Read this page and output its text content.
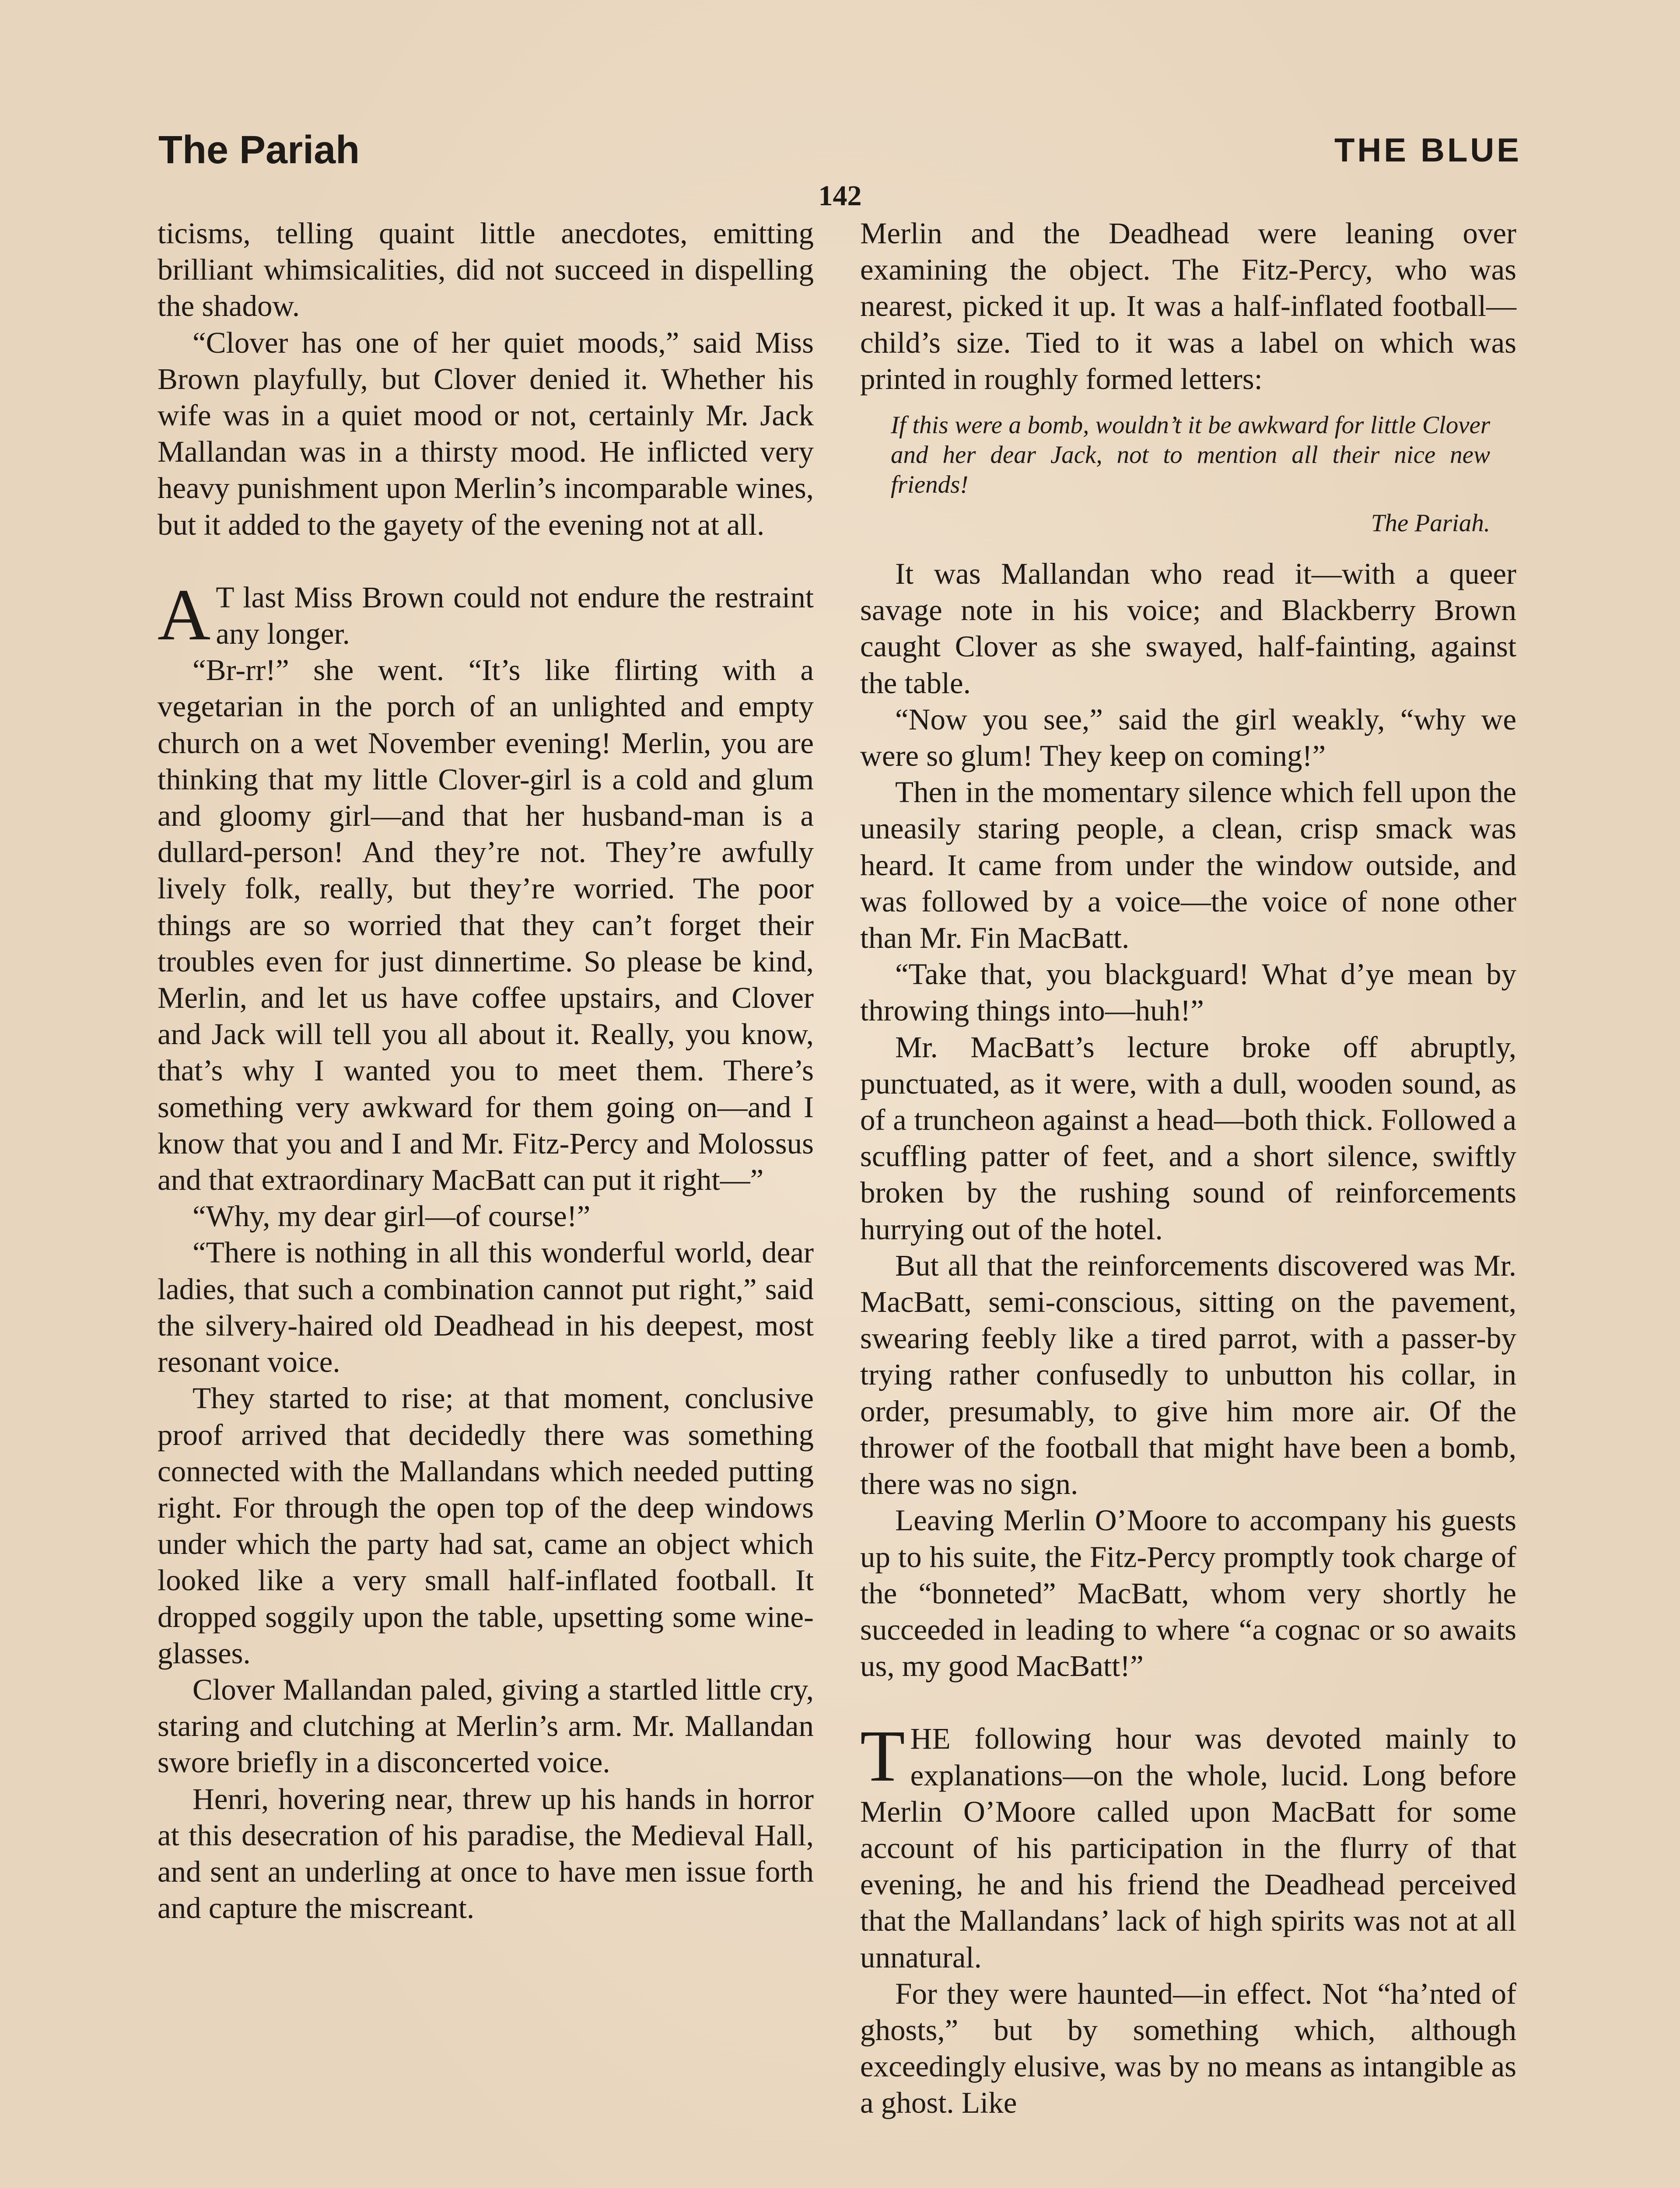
The Pariah	THE BLUE
142

ticisms, telling quaint little anecdotes, emitting brilliant whimsicalities, did not succeed in dispelling the shadow.

“Clover has one of her quiet moods,” said Miss Brown playfully, but Clover denied it. Whether his wife was in a quiet mood or not, certainly Mr. Jack Mallandan was in a thirsty mood. He inflicted very heavy punishment upon Merlin’s incomparable wines, but it added to the gayety of the evening not at all.

A T last Miss Brown could not endure the restraint any longer.

“Br-rr!” she went. “It’s like flirting with a vegetarian in the porch of an unlighted and empty church on a wet November evening! Merlin, you are thinking that my little Clover-girl is a cold and glum and gloomy girl—and that her husband-man is a dullard-person! And they’re not. They’re awfully lively folk, really, but they’re worried. The poor things are so worried that they can’t forget their troubles even for just dinnertime. So please be kind, Merlin, and let us have coffee upstairs, and Clover and Jack will tell you all about it. Really, you know, that’s why I wanted you to meet them. There’s something very awkward for them going on—and I know that you and I and Mr. Fitz-Percy and Molossus and that extraordinary MacBatt can put it right—”

“Why, my dear girl—of course!”

“There is nothing in all this wonderful world, dear ladies, that such a combination cannot put right,” said the silvery-haired old Deadhead in his deepest, most resonant voice.

They started to rise; at that moment, conclusive proof arrived that decidedly there was something connected with the Mallandans which needed putting right. For through the open top of the deep windows under which the party had sat, came an object which looked like a very small half-inflated football. It dropped soggily upon the table, upsetting some wine-glasses.

Clover Mallandan paled, giving a startled little cry, staring and clutching at Merlin’s arm. Mr. Mallandan swore briefly in a disconcerted voice.

Henri, hovering near, threw up his hands in horror at this desecration of his paradise, the Medieval Hall, and sent an underling at once to have men issue forth and capture the miscreant.

Merlin and the Deadhead were leaning over examining the object. The Fitz-Percy, who was nearest, picked it up. It was a half-inflated football—child’s size. Tied to it was a label on which was printed in roughly formed letters:

If this were a bomb, wouldn’t it be awkward for little Clover and her dear Jack, not to mention all their nice new friends!
The Pariah.

It was Mallandan who read it—with a queer savage note in his voice; and Blackberry Brown caught Clover as she swayed, half-fainting, against the table.

“Now you see,” said the girl weakly, “why we were so glum! They keep on coming!”

Then in the momentary silence which fell upon the uneasily staring people, a clean, crisp smack was heard. It came from under the window outside, and was followed by a voice—the voice of none other than Mr. Fin MacBatt.

“Take that, you blackguard! What d’ye mean by throwing things into—huh!”

Mr. MacBatt’s lecture broke off abruptly, punctuated, as it were, with a dull, wooden sound, as of a truncheon against a head—both thick. Followed a scuffling patter of feet, and a short silence, swiftly broken by the rushing sound of reinforcements hurrying out of the hotel.

But all that the reinforcements discovered was Mr. MacBatt, semi-conscious, sitting on the pavement, swearing feebly like a tired parrot, with a passer-by trying rather confusedly to unbutton his collar, in order, presumably, to give him more air. Of the thrower of the football that might have been a bomb, there was no sign.

Leaving Merlin O’Moore to accompany his guests up to his suite, the Fitz-Percy promptly took charge of the “bonneted” MacBatt, whom very shortly he succeeded in leading to where “a cognac or so awaits us, my good MacBatt!”

THE following hour was devoted mainly to explanations—on the whole, lucid. Long before Merlin O’Moore called upon MacBatt for some account of his participation in the flurry of that evening, he and his friend the Deadhead perceived that the Mallandans’ lack of high spirits was not at all unnatural.

For they were haunted—in effect. Not “ha’nted of ghosts,” but by something which, although exceedingly elusive, was by no means as intangible as a ghost. Like
